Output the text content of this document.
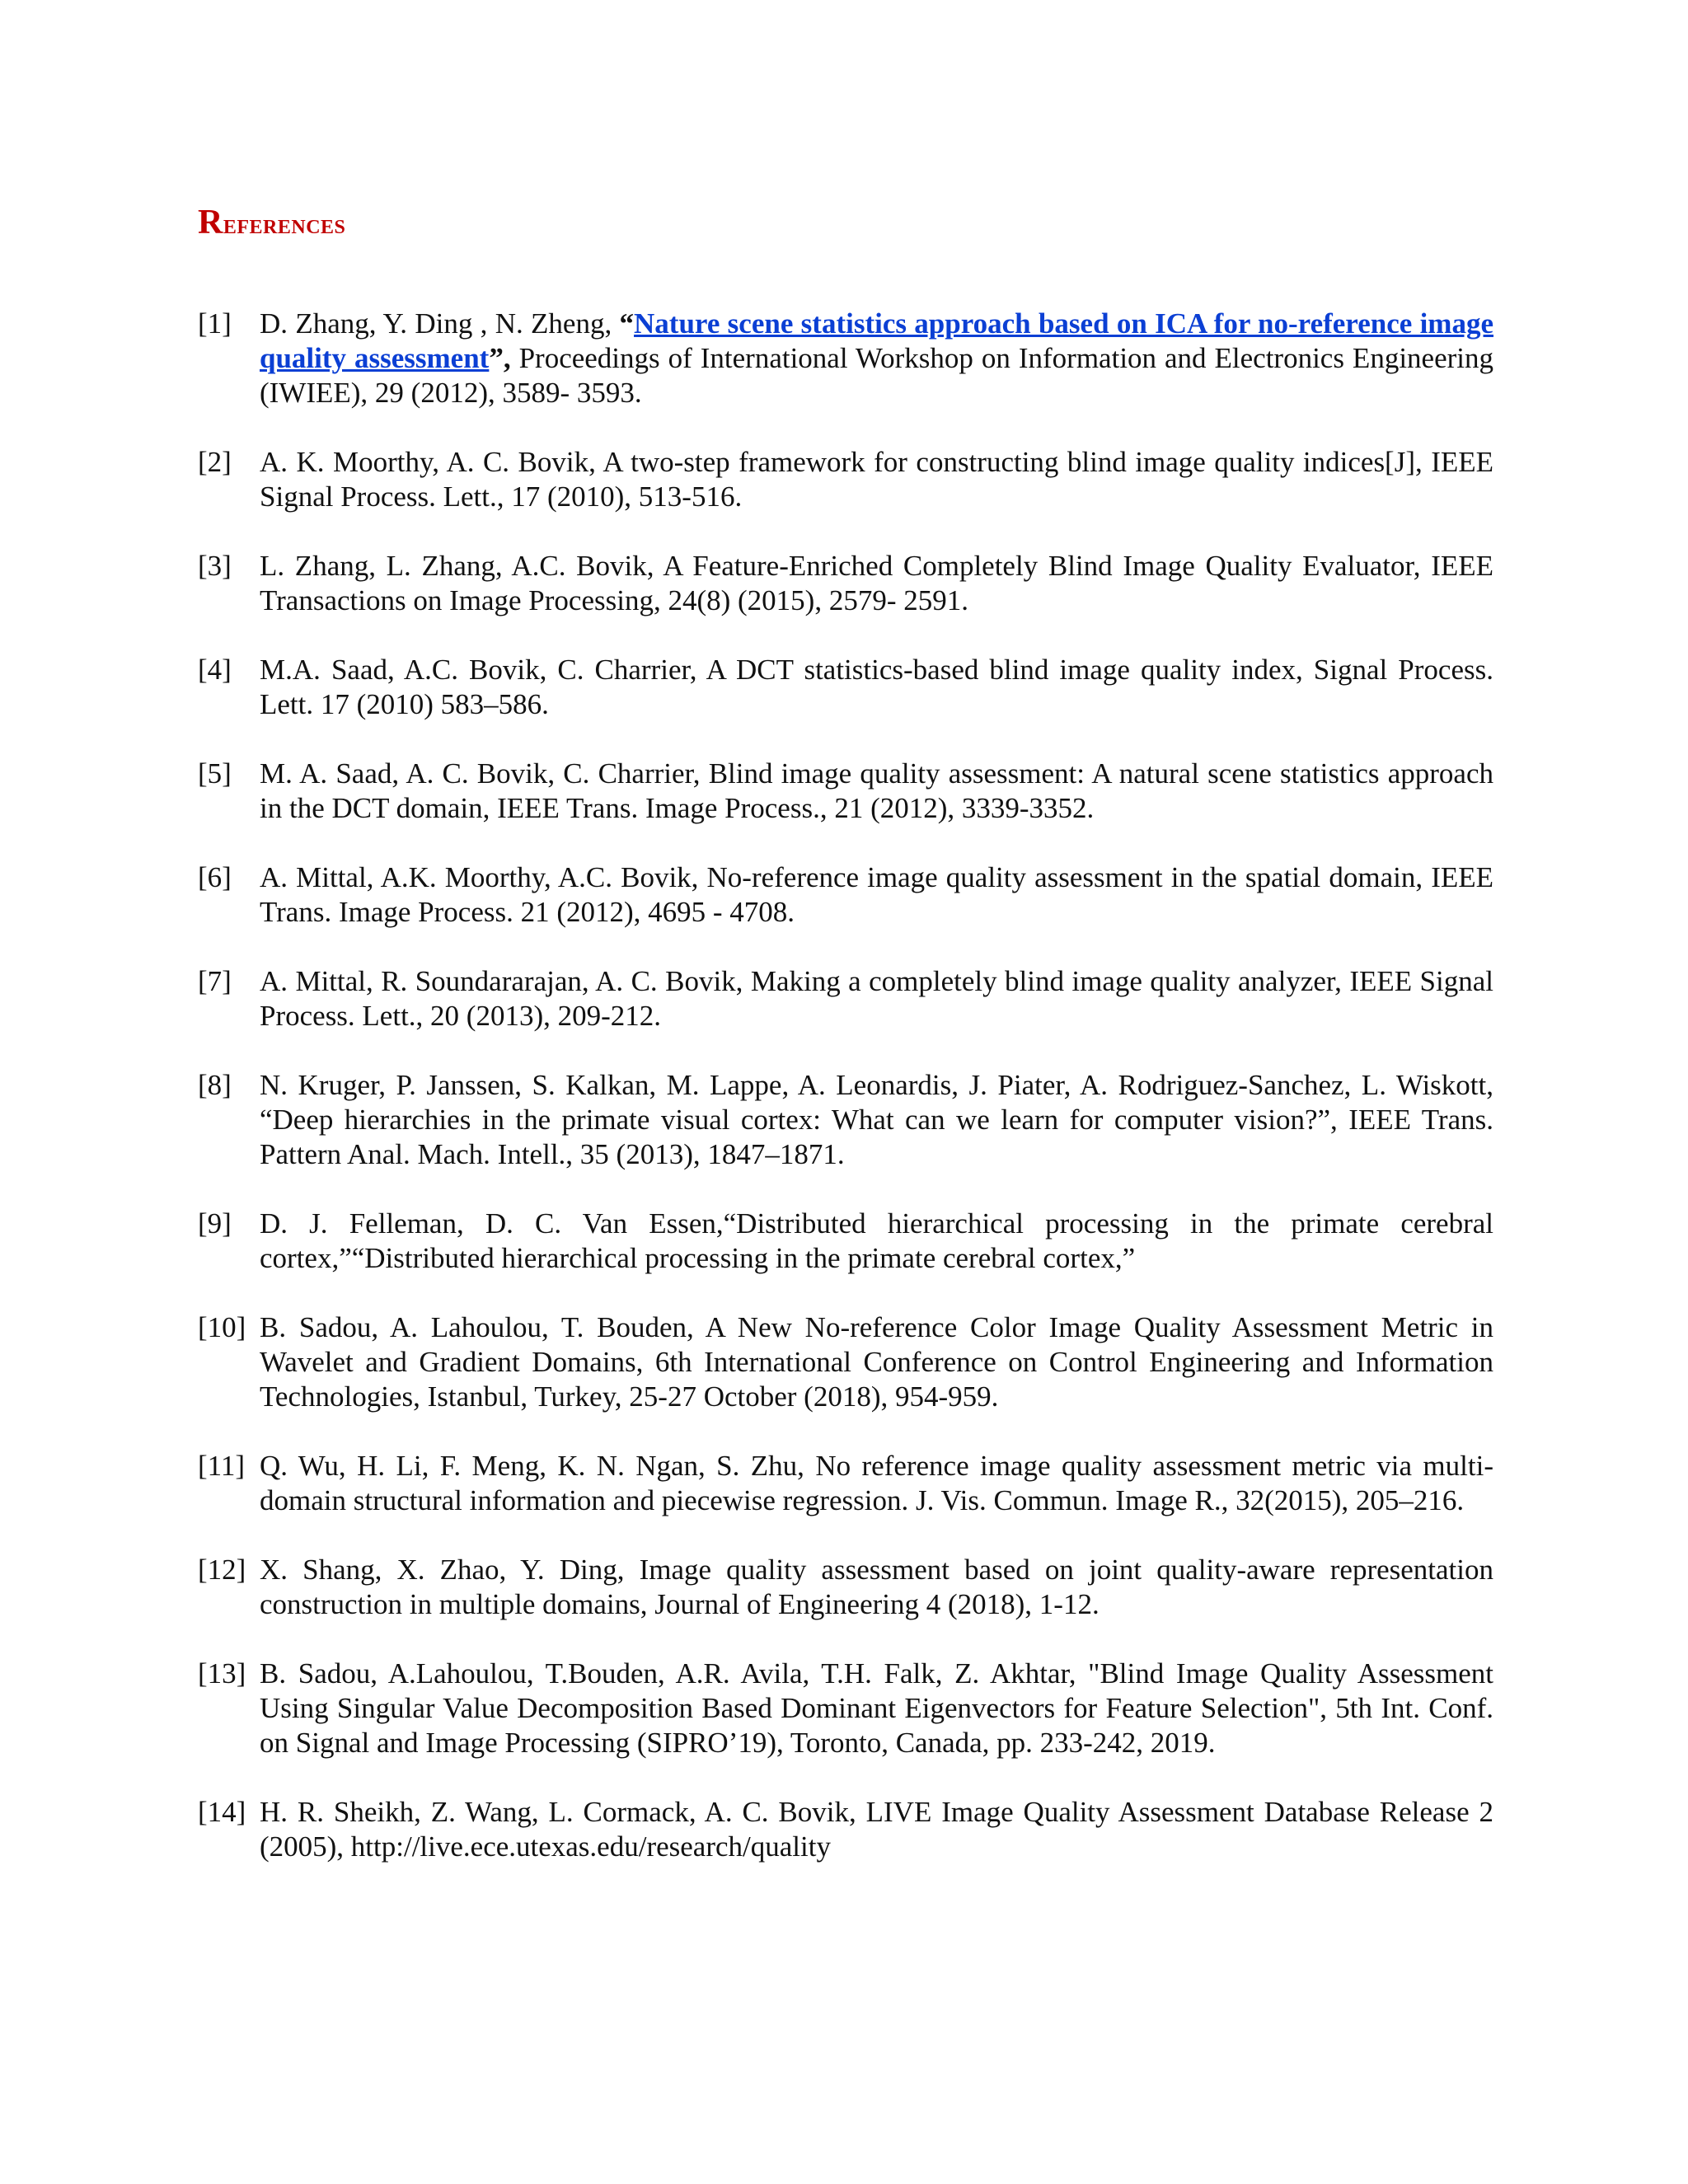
References
[1] D. Zhang, Y. Ding , N. Zheng, “Nature scene statistics approach based on ICA for no-reference image quality assessment”, Proceedings of International Workshop on Information and Electronics Engineering (IWIEE), 29 (2012), 3589- 3593.
[2] A. K. Moorthy, A. C. Bovik, A two-step framework for constructing blind image quality indices[J], IEEE Signal Process. Lett., 17 (2010), 513-516.
[3] L. Zhang, L. Zhang, A.C. Bovik, A Feature-Enriched Completely Blind Image Quality Evaluator, IEEE Transactions on Image Processing, 24(8) (2015), 2579- 2591.
[4] M.A. Saad, A.C. Bovik, C. Charrier, A DCT statistics-based blind image quality index, Signal Process. Lett. 17 (2010) 583–586.
[5] M. A. Saad, A. C. Bovik, C. Charrier, Blind image quality assessment: A natural scene statistics approach in the DCT domain, IEEE Trans. Image Process., 21 (2012), 3339-3352.
[6] A. Mittal, A.K. Moorthy, A.C. Bovik, No-reference image quality assessment in the spatial domain, IEEE Trans. Image Process. 21 (2012), 4695 - 4708.
[7] A. Mittal, R. Soundararajan, A. C. Bovik, Making a completely blind image quality analyzer, IEEE Signal Process. Lett., 20 (2013), 209-212.
[8] N. Kruger, P. Janssen, S. Kalkan, M. Lappe, A. Leonardis, J. Piater, A. Rodriguez-Sanchez, L. Wiskott, “Deep hierarchies in the primate visual cortex: What can we learn for computer vision?”, IEEE Trans. Pattern Anal. Mach. Intell., 35 (2013), 1847–1871.
[9] D. J. Felleman, D. C. Van Essen,“Distributed hierarchical processing in the primate cerebral cortex,”“Distributed hierarchical processing in the primate cerebral cortex,”
[10] B. Sadou, A. Lahoulou, T. Bouden, A New No-reference Color Image Quality Assessment Metric in Wavelet and Gradient Domains, 6th International Conference on Control Engineering and Information Technologies, Istanbul, Turkey, 25-27 October (2018), 954-959.
[11] Q. Wu, H. Li, F. Meng, K. N. Ngan, S. Zhu, No reference image quality assessment metric via multi-domain structural information and piecewise regression. J. Vis. Commun. Image R., 32(2015), 205–216.
[12] X. Shang, X. Zhao, Y. Ding, Image quality assessment based on joint quality-aware representation construction in multiple domains, Journal of Engineering 4 (2018), 1-12.
[13] B. Sadou, A.Lahoulou, T.Bouden, A.R. Avila, T.H. Falk, Z. Akhtar, "Blind Image Quality Assessment Using Singular Value Decomposition Based Dominant Eigenvectors for Feature Selection", 5th Int. Conf. on Signal and Image Processing (SIPRO’19), Toronto, Canada, pp. 233-242, 2019.
[14] H. R. Sheikh, Z. Wang, L. Cormack, A. C. Bovik, LIVE Image Quality Assessment Database Release 2 (2005), http://live.ece.utexas.edu/research/quality
